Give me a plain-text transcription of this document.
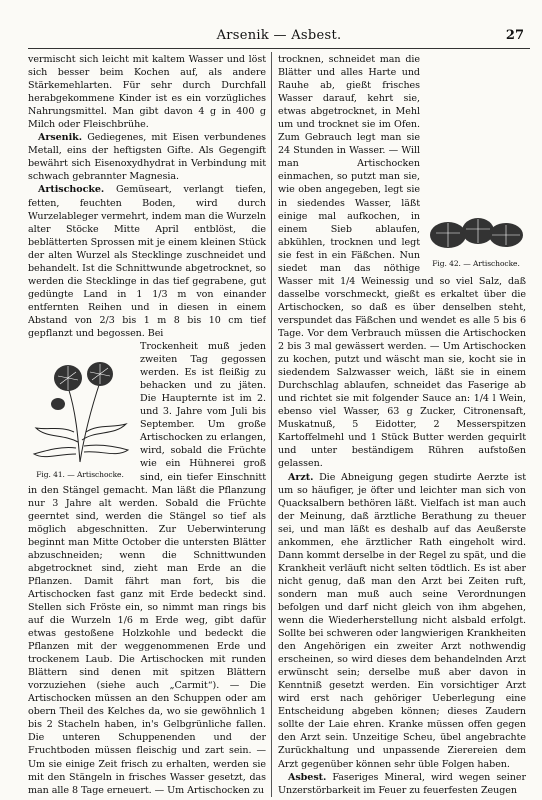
Arsenik — Asbest.	27

vermischt sich leicht mit kaltem Wasser und löst sich besser beim Kochen auf, als andere Stärkemehlarten. Für sehr durch Durchfall herabgekommene Kinder ist es ein vorzügliches Nahrungsmittel. Man gibt davon 4 g in 400 g Milch oder Fleischbrühe.

Arsenik. Gediegenes, mit Eisen verbundenes Metall, eins der heftigsten Gifte. Als Gegengift bewährt sich Eisenoxydhydrat in Verbindung mit schwach gebrannter Magnesia.

Artischocke. Gemüseart, verlangt tiefen, fetten, feuchten Boden, wird durch Wurzelableger vermehrt, indem man die Wurzeln alter Stöcke Mitte April entblöst, die beblätterten Sprossen mit je einem kleinen Stück der alten Wurzel als Stecklinge zuschneidet und behandelt. Ist die Schnittwunde abgetrocknet, so werden die Stecklinge in das tief gegrabene, gut gedüngte Land in 1 1/3 m von einander entfernten Reihen und in diesen in einem Abstand von 2/3 bis 1 m 8 bis 10 cm tief gepflanzt und begossen. Bei

Fig. 41. — Artischocke.

Trockenheit muß jeden zweiten Tag gegossen werden. Es ist fleißig zu behacken und zu jäten. Die Haupternte ist im 2. und 3. Jahre vom Juli bis September. Um große Artischocken zu erlangen, wird, sobald die Früchte wie ein Hühnerei groß sind, ein tiefer Einschnitt in den Stängel gemacht. Man läßt die Pflanzung nur 3 Jahre alt werden. Sobald die Früchte geerntet sind, werden die Stängel so tief als möglich abgeschnitten. Zur Ueberwinterung beginnt man Mitte October die untersten Blätter abzuschneiden; wenn die Schnittwunden abgetrocknet sind, zieht man Erde an die Pflanzen. Damit fährt man fort, bis die Artischocken fast ganz mit Erde bedeckt sind. Stellen sich Fröste ein, so nimmt man rings bis auf die Wurzeln 1/6 m Erde weg, gibt dafür etwas gestoßene Holzkohle und bedeckt die Pflanzen mit der weggenommenen Erde und trockenem Laub. Die Artischocken mit runden Blättern sind denen mit spitzen Blättern vorzuziehen (siehe auch „Carmit“). — Die Artischocken müssen an den Schuppen oder am obern Theil des Kelches da, wo sie gewöhnlich 1 bis 2 Stacheln haben, in's Gelbgrünliche fallen. Die unteren Schuppenenden und der Fruchtboden müssen fleischig und zart sein. — Um sie einige Zeit frisch zu erhalten, werden sie mit den Stängeln in frisches Wasser gesetzt, das man alle 8 Tage erneuert. — Um Artischocken zu

Fig. 42. — Artischocke.

trocknen, schneidet man die Blätter und alles Harte und Rauhe ab, gießt frisches Wasser darauf, kehrt sie, etwas abgetrocknet, in Mehl um und trocknet sie im Ofen. Zum Gebrauch legt man sie 24 Stunden in Wasser. — Will man Artischocken einmachen, so putzt man sie, wie oben angegeben, legt sie in siedendes Wasser, läßt einige mal aufkochen, in einem Sieb ablaufen, abkühlen, trocknen und legt sie fest in ein Fäßchen. Nun siedet man das nöthige Wasser mit 1/4 Weinessig und so viel Salz, daß dasselbe vorschmeckt, gießt es erkaltet über die Artischocken, so daß es über denselben steht, verspundet das Fäßchen und wendet es alle 5 bis 6 Tage. Vor dem Verbrauch müssen die Artischocken 2 bis 3 mal gewässert werden. — Um Artischocken zu kochen, putzt und wäscht man sie, kocht sie in siedendem Salzwasser weich, läßt sie in einem Durchschlag ablaufen, schneidet das Faserige ab und richtet sie mit folgender Sauce an: 1/4 l Wein, ebenso viel Wasser, 63 g Zucker, Citronensaft, Muskatnuß, 5 Eidotter, 2 Messerspitzen Kartoffelmehl und 1 Stück Butter werden gequirlt und unter beständigem Rühren aufstoßen gelassen.

Arzt. Die Abneigung gegen studirte Aerzte ist um so häufiger, je öfter und leichter man sich von Quacksalbern bethören läßt. Vielfach ist man auch der Meinung, daß ärztliche Berathung zu theuer sei, und man läßt es deshalb auf das Aeußerste ankommen, ehe ärztlicher Rath eingeholt wird. Dann kommt derselbe in der Regel zu spät, und die Krankheit verläuft nicht selten tödtlich. Es ist aber nicht genug, daß man den Arzt bei Zeiten ruft, sondern man muß auch seine Verordnungen befolgen und darf nicht gleich von ihm abgehen, wenn die Wiederherstellung nicht alsbald erfolgt. Sollte bei schweren oder langwierigen Krankheiten den Angehörigen ein zweiter Arzt nothwendig erscheinen, so wird dieses dem behandelnden Arzt erwünscht sein; derselbe muß aber davon in Kenntniß gesetzt werden. Ein vorsichtiger Arzt wird erst nach gehöriger Ueberlegung eine Entscheidung abgeben können; dieses Zaudern sollte der Laie ehren. Kranke müssen offen gegen den Arzt sein. Unzeitige Scheu, übel angebrachte Zurückhaltung und unpassende Zierereien dem Arzt gegenüber können sehr üble Folgen haben.

Asbest. Faseriges Mineral, wird wegen seiner Unzerstörbarkeit im Feuer zu feuerfesten Zeugen
